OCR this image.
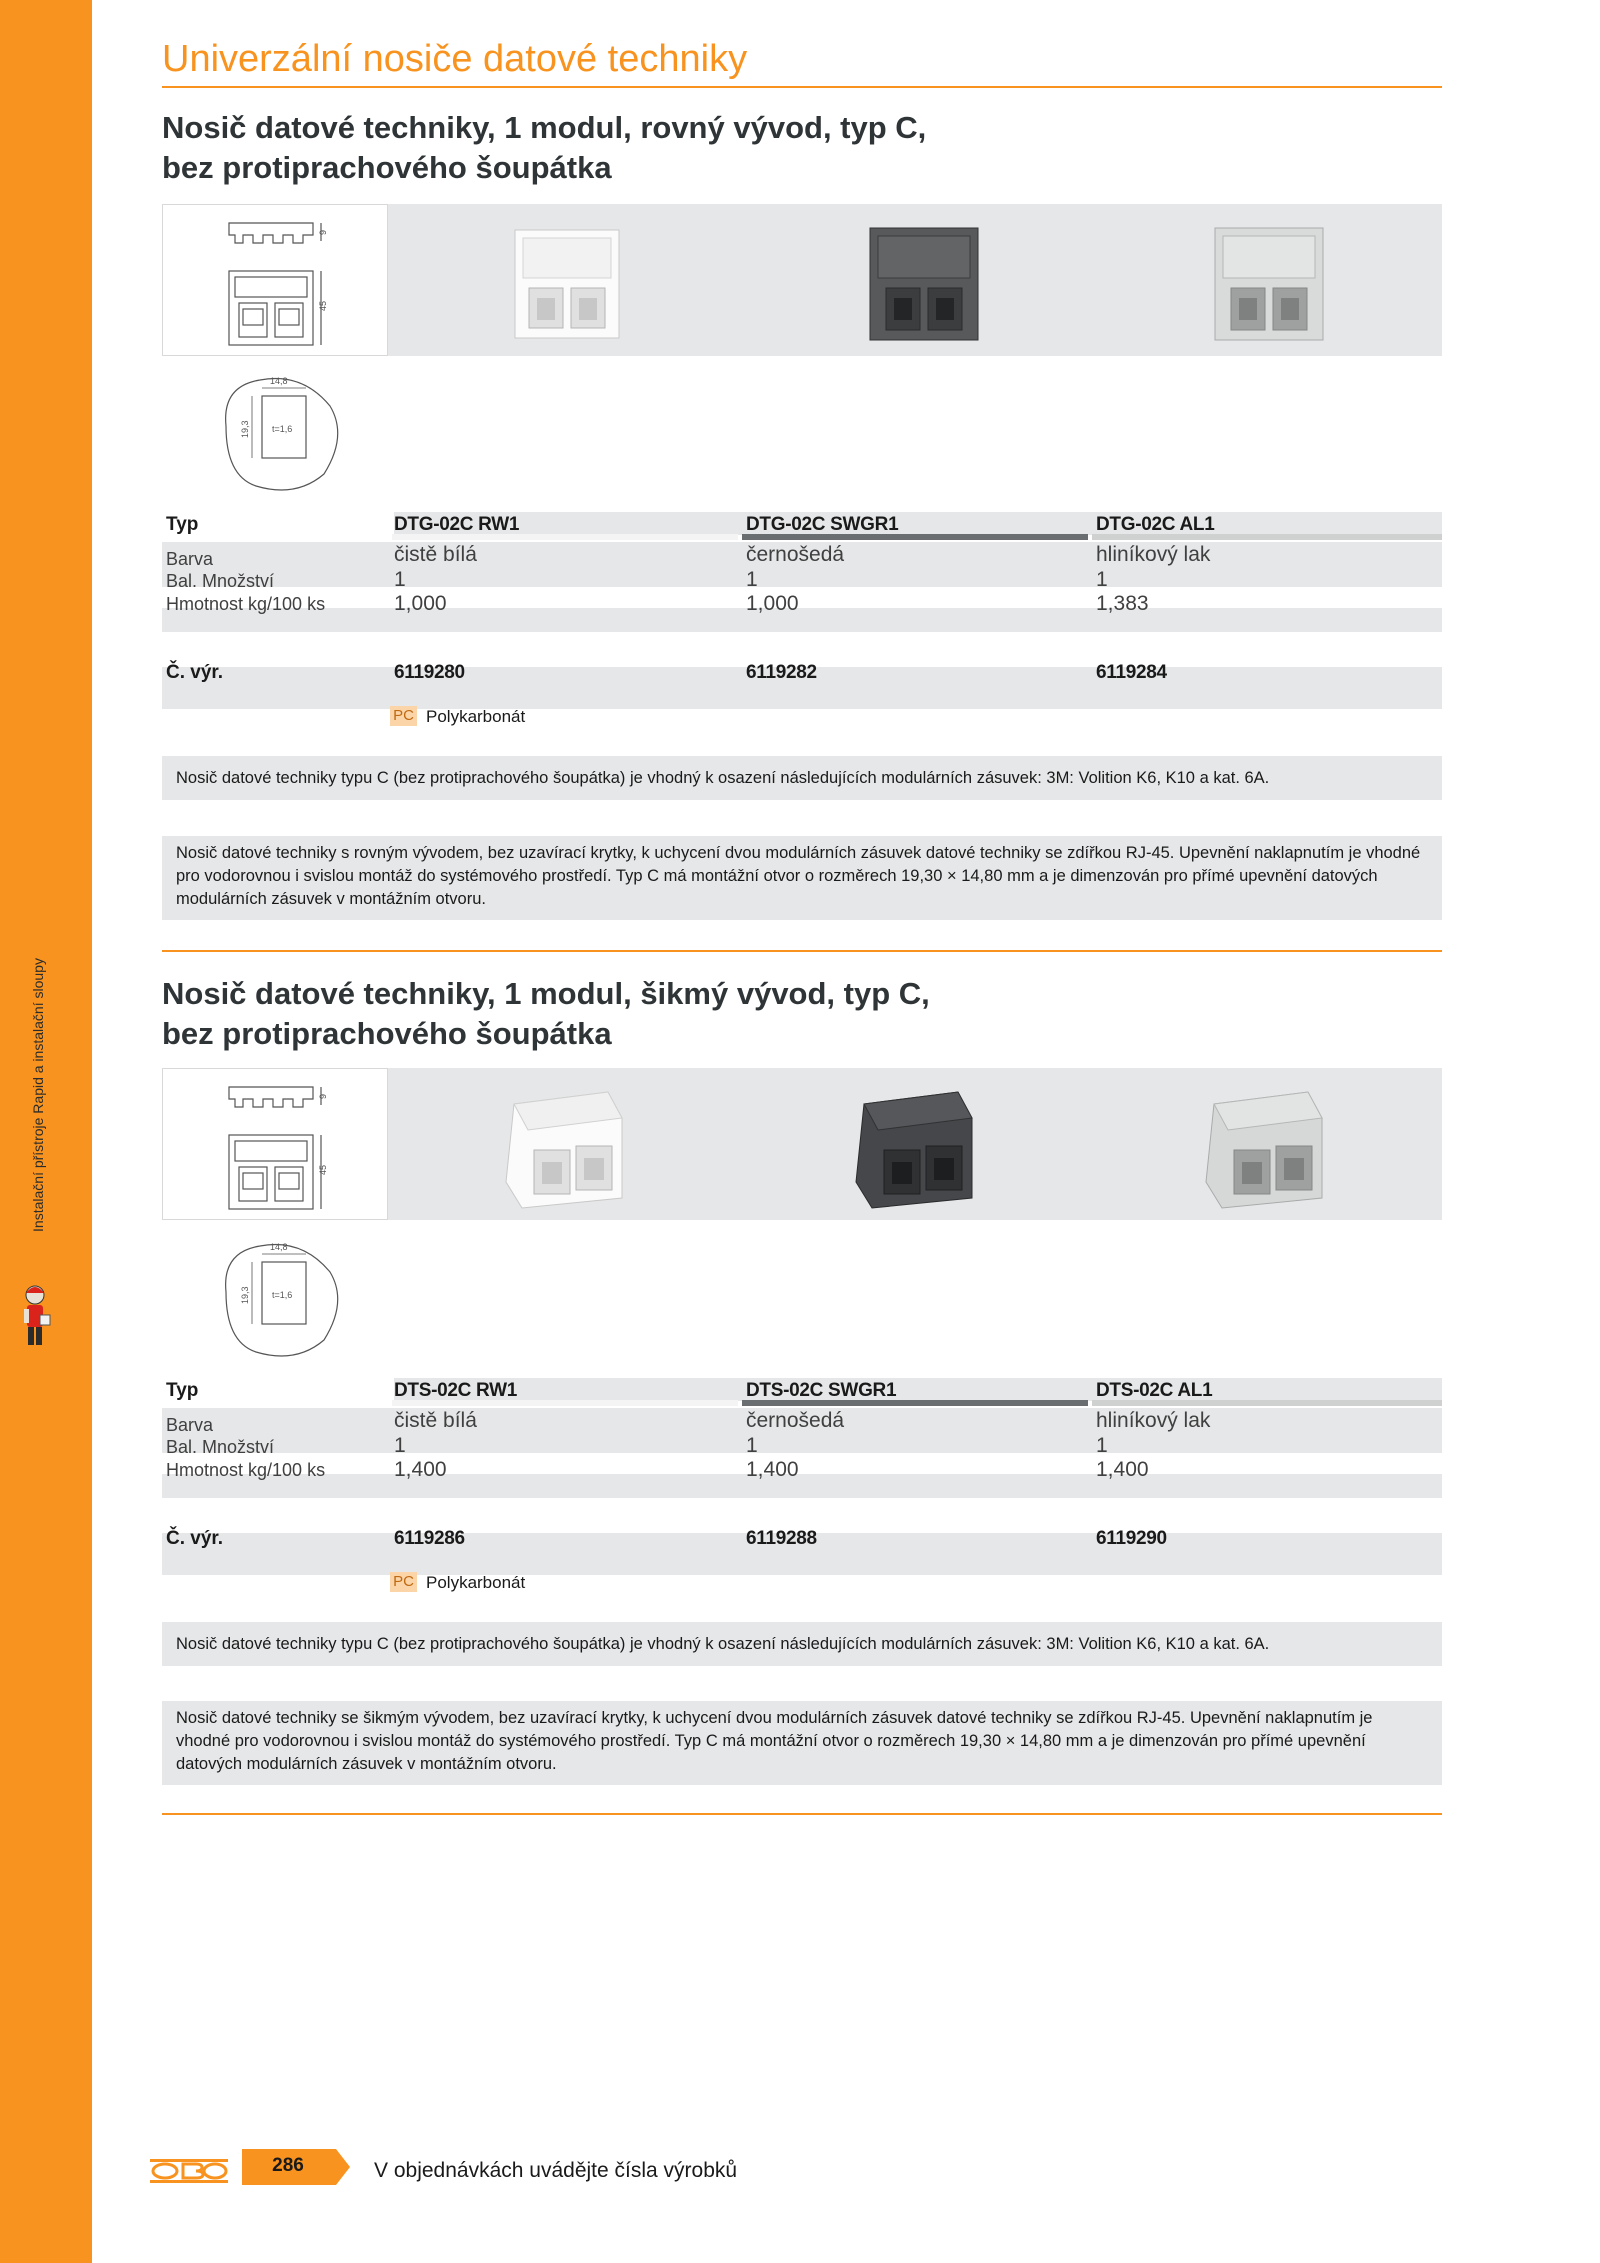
Instalační přístroje Rapid a instalační sloupy
Univerzální nosiče datové techniky
Nosič datové techniky, 1 modul, rovný vývod, typ C,
bez protiprachového šoupátka
9
45
14,8
19,3 t=1,6
Typ	DTG-02C RW1	DTG-02C SWGR1	DTG-02C AL1
Barva	čistě bílá	černošedá	hliníkový lak
Bal. Množství	1	1	1
Hmotnost kg/100 ks	1,000	1,000	1,383
Č. výr.	6119280	6119282	6119284
PC Polykarbonát
Nosič datové techniky typu C (bez protiprachového šoupátka) je vhodný k osazení následujících modulárních zásuvek: 3M: Volition K6, K10 a kat. 6A.
Nosič datové techniky s rovným vývodem, bez uzavírací krytky, k uchycení dvou modulárních zásuvek datové techniky se zdířkou RJ-45. Upevnění naklapnutím je vhodné pro vodorovnou i svislou montáž do systémového prostředí. Typ C má montážní otvor o rozměrech 19,30 × 14,80 mm a je dimenzován pro přímé upevnění datových modulárních zásuvek v montážním otvoru.
Nosič datové techniky, 1 modul, šikmý vývod, typ C,
bez protiprachového šoupátka
9
45
14,8
19,3 t=1,6
Typ	DTS-02C RW1	DTS-02C SWGR1	DTS-02C AL1
Barva	čistě bílá	černošedá	hliníkový lak
Bal. Množství	1	1	1
Hmotnost kg/100 ks	1,400	1,400	1,400
Č. výr.	6119286	6119288	6119290
PC Polykarbonát
Nosič datové techniky typu C (bez protiprachového šoupátka) je vhodný k osazení následujících modulárních zásuvek: 3M: Volition K6, K10 a kat. 6A.
Nosič datové techniky se šikmým vývodem, bez uzavírací krytky, k uchycení dvou modulárních zásuvek datové techniky se zdířkou RJ-45. Upevnění naklapnutím je vhodné pro vodorovnou i svislou montáž do systémového prostředí. Typ C má montážní otvor o rozměrech 19,30 × 14,80 mm a je dimenzován pro přímé upevnění datových modulárních zásuvek v montážním otvoru.
286	V objednávkách uvádějte čísla výrobků
